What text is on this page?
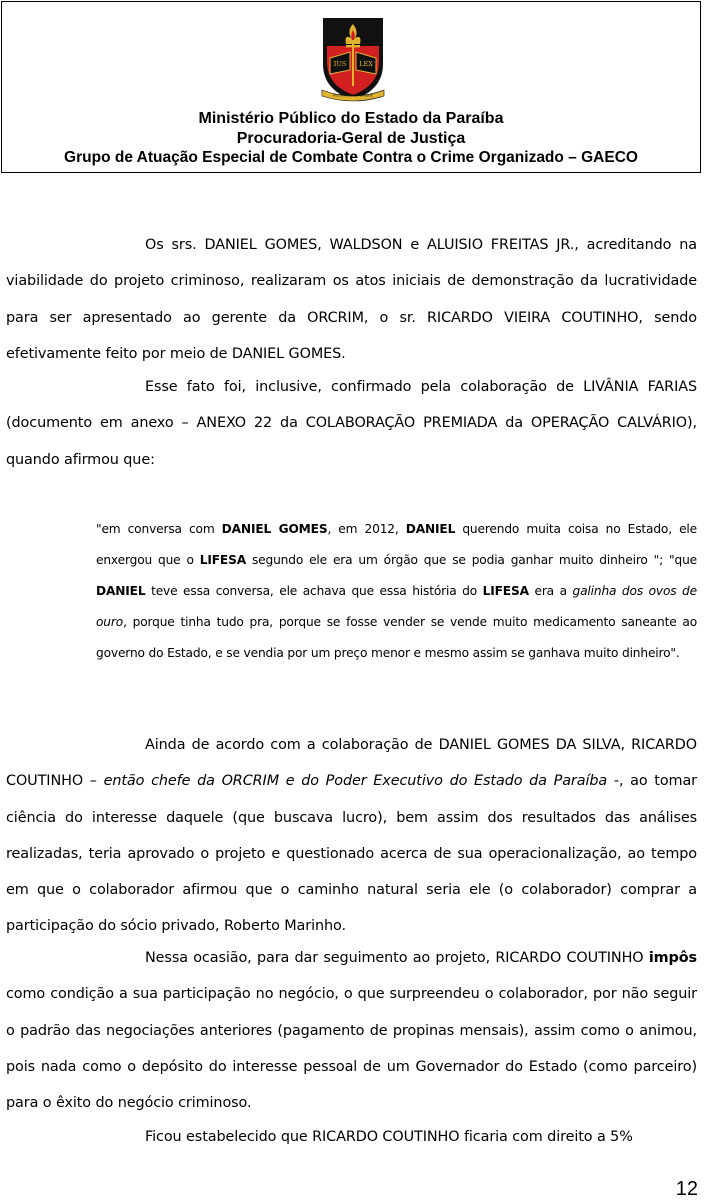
IUS LEX
RECTE AGENDO ET LEGE
Ministério Público do Estado da Paraíba
Procuradoria-Geral de Justiça
Grupo de Atuação Especial de Combate Contra o Crime Organizado – GAECO

Os srs. DANIEL GOMES, WALDSON e ALUISIO FREITAS JR., acreditando na viabilidade do projeto criminoso, realizaram os atos iniciais de demonstração da lucratividade para ser apresentado ao gerente da ORCRIM, o sr. RICARDO VIEIRA COUTINHO, sendo efetivamente feito por meio de DANIEL GOMES.

Esse fato foi, inclusive, confirmado pela colaboração de LIVÂNIA FARIAS (documento em anexo – ANEXO 22 da COLABORAÇÃO PREMIADA da OPERAÇÃO CALVÁRIO), quando afirmou que:

Ainda de acordo com a colaboração de DANIEL GOMES DA SILVA, RICARDO COUTINHO – então chefe da ORCRIM e do Poder Executivo do Estado da Paraíba -, ao tomar ciência do interesse daquele (que buscava lucro), bem assim dos resultados das análises realizadas, teria aprovado o projeto e questionado acerca de sua operacionalização, ao tempo em que o colaborador afirmou que o caminho natural seria ele (o colaborador) comprar a participação do sócio privado, Roberto Marinho.

Nessa ocasião, para dar seguimento ao projeto, RICARDO COUTINHO impôs como condição a sua participação no negócio, o que surpreendeu o colaborador, por não seguir o padrão das negociações anteriores (pagamento de propinas mensais), assim como o animou, pois nada como o depósito do interesse pessoal de um Governador do Estado (como parceiro) para o êxito do negócio criminoso.

Ficou estabelecido que RICARDO COUTINHO ficaria com direito a 5%

"em conversa com DANIEL GOMES, em 2012, DANIEL querendo muita coisa no Estado, ele enxergou que o LIFESA segundo ele era um órgão que se podia ganhar muito dinheiro "; "que DANIEL teve essa conversa, ele achava que essa história do LIFESA era a galinha dos ovos de ouro, porque tinha tudo pra, porque se fosse vender se vende muito medicamento saneante ao governo do Estado, e se vendia por um preço menor e mesmo assim se ganhava muito dinheiro".

12
